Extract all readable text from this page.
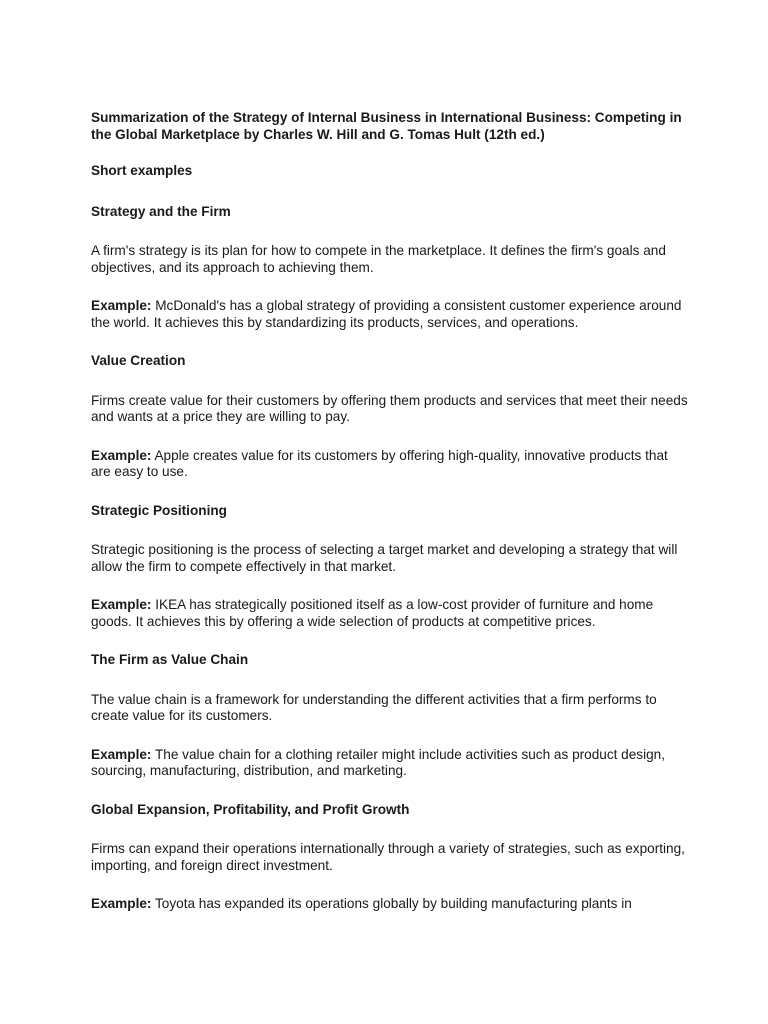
Summarization of the Strategy of Internal Business in International Business: Competing in the Global Marketplace by Charles W. Hill and G. Tomas Hult (12th ed.)

Short examples

Strategy and the Firm

A firm's strategy is its plan for how to compete in the marketplace. It defines the firm's goals and objectives, and its approach to achieving them.

Example: McDonald's has a global strategy of providing a consistent customer experience around the world. It achieves this by standardizing its products, services, and operations.

Value Creation

Firms create value for their customers by offering them products and services that meet their needs and wants at a price they are willing to pay.

Example: Apple creates value for its customers by offering high-quality, innovative products that are easy to use.

Strategic Positioning

Strategic positioning is the process of selecting a target market and developing a strategy that will allow the firm to compete effectively in that market.

Example: IKEA has strategically positioned itself as a low-cost provider of furniture and home goods. It achieves this by offering a wide selection of products at competitive prices.

The Firm as Value Chain

The value chain is a framework for understanding the different activities that a firm performs to create value for its customers.

Example: The value chain for a clothing retailer might include activities such as product design, sourcing, manufacturing, distribution, and marketing.

Global Expansion, Profitability, and Profit Growth

Firms can expand their operations internationally through a variety of strategies, such as exporting, importing, and foreign direct investment.

Example: Toyota has expanded its operations globally by building manufacturing plants in
